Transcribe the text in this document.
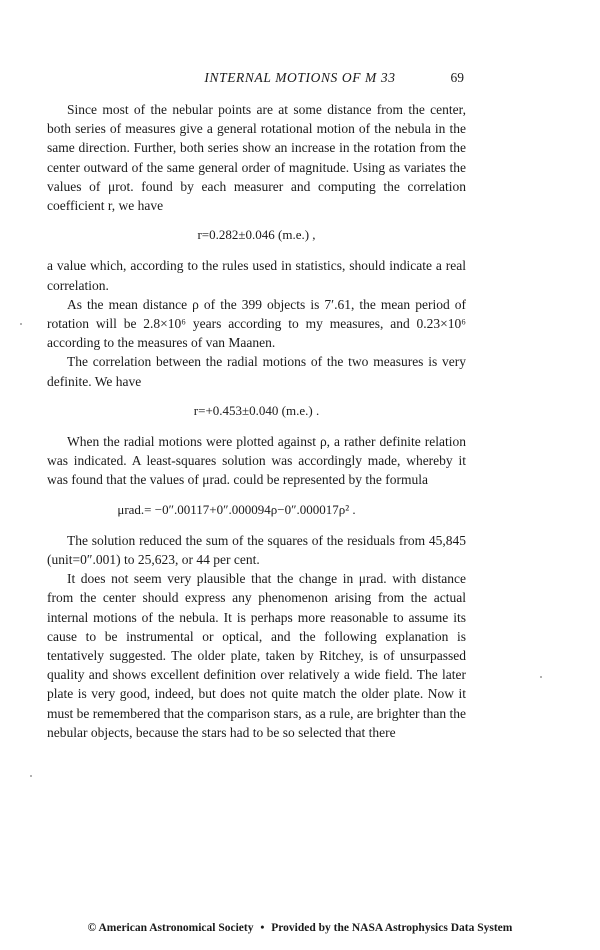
INTERNAL MOTIONS OF M 33	69

Since most of the nebular points are at some distance from the center, both series of measures give a general rotational motion of the nebula in the same direction. Further, both series show an increase in the rotation from the center outward of the same general order of magnitude. Using as variates the values of μrot. found by each measurer and computing the correlation coefficient r, we have

r=0.282±0.046 (m.e.) ,

a value which, according to the rules used in statistics, should indicate a real correlation.

As the mean distance ρ of the 399 objects is 7′.61, the mean period of rotation will be 2.8×10⁶ years according to my measures, and 0.23×10⁶ according to the measures of van Maanen.

The correlation between the radial motions of the two measures is very definite. We have

r=+0.453±0.040 (m.e.) .

When the radial motions were plotted against ρ, a rather definite relation was indicated. A least-squares solution was accordingly made, whereby it was found that the values of μrad. could be represented by the formula

μrad.= −0″.00117+0″.000094ρ−0″.000017ρ² .

The solution reduced the sum of the squares of the residuals from 45,845 (unit=0″.001) to 25,623, or 44 per cent.

It does not seem very plausible that the change in μrad. with distance from the center should express any phenomenon arising from the actual internal motions of the nebula. It is perhaps more reasonable to assume its cause to be instrumental or optical, and the following explanation is tentatively suggested. The older plate, taken by Ritchey, is of unsurpassed quality and shows excellent definition over relatively a wide field. The later plate is very good, indeed, but does not quite match the older plate. Now it must be remembered that the comparison stars, as a rule, are brighter than the nebular objects, because the stars had to be so selected that there

© American Astronomical Society • Provided by the NASA Astrophysics Data System
